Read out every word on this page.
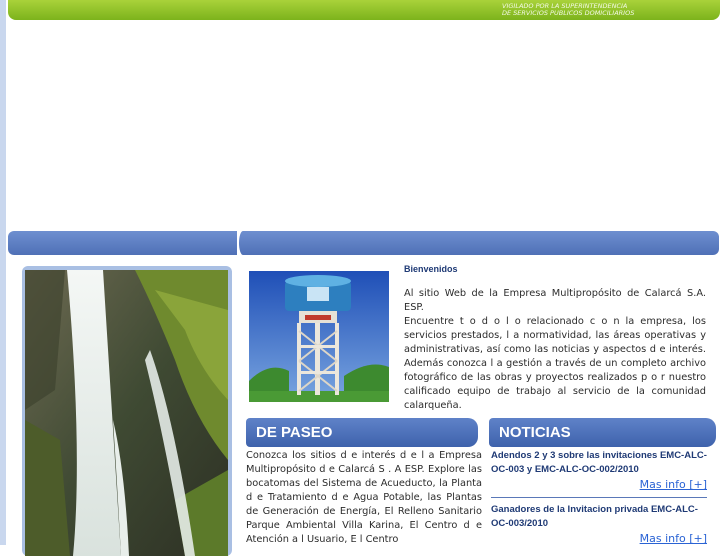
VIGILADO POR LA SUPERINTENDENCIA
DE SERVICIOS PUBLICOS DOMICILIARIOS
Bienvenidos

Al sitio Web de la Empresa Multipropósito de Calarcá S.A. ESP.

Encuentre t o d o l o relacionado c o n la empresa, los servicios prestados, l a normatividad, las áreas operativas y administrativas, así como las noticias y aspectos d e interés. Además conozca l a gestión a través de un completo archivo fotográfico de las obras y proyectos realizados p o r nuestro calificado equipo de trabajo al servicio de la comunidad calarqueña.

DE PASEO	NOTICIAS
Conozca los sitios d e interés d e l a Empresa Multipropósito d e Calarcá S . A ESP. Explore las bocatomas del Sistema de Acueducto, la Planta d e Tratamiento d e Agua Potable, las Plantas de Generación de Energía, El Relleno Sanitario Parque Ambiental Villa Karina, El Centro d e Atención a l Usuario, E l Centro
Adendos 2 y 3 sobre las invitaciones EMC-ALC-OC-003 y EMC-ALC-OC-002/2010
Mas info [+]
Ganadores de la Invitacion privada EMC-ALC-OC-003/2010
Mas info [+]
